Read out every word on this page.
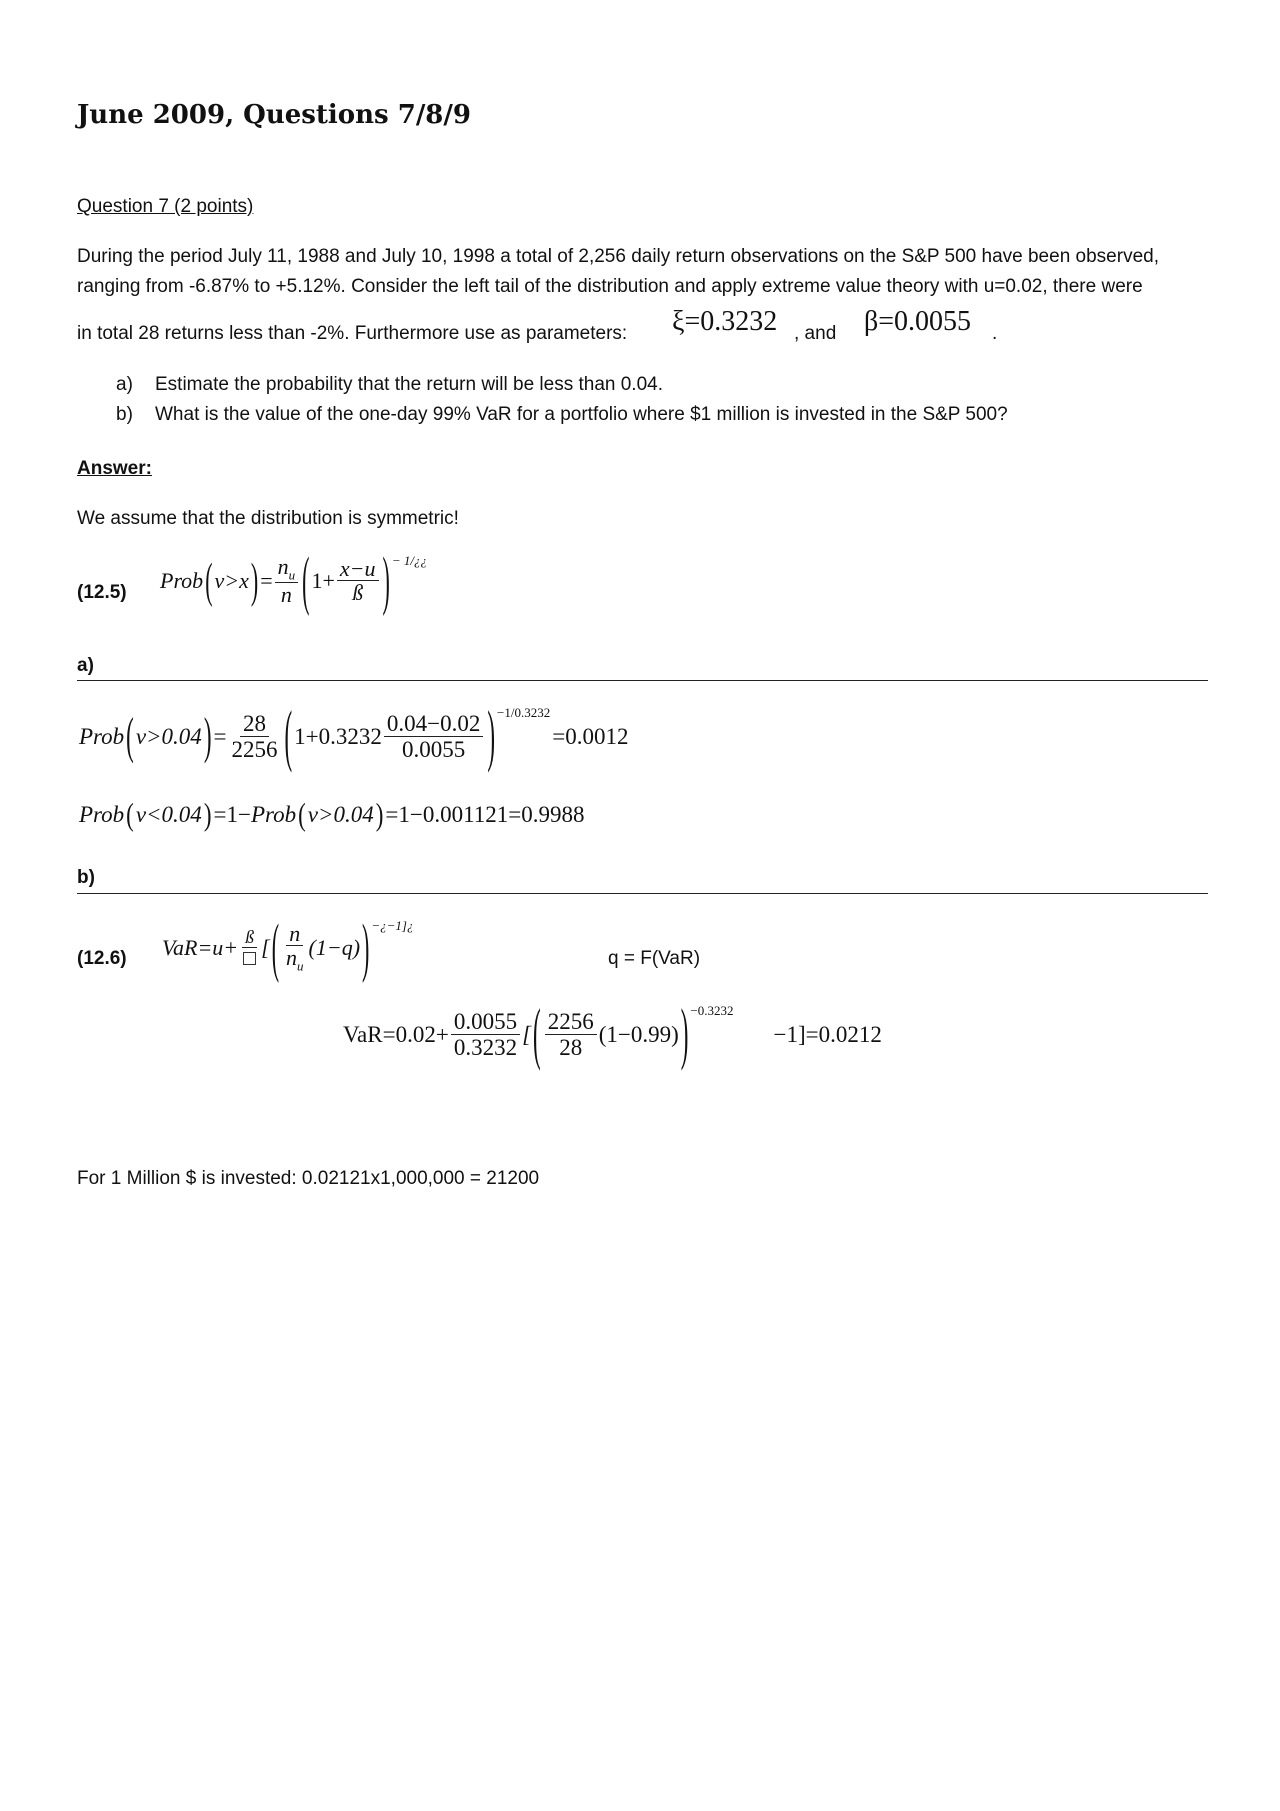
June 2009, Questions 7/8/9
Question 7 (2 points)
During the period July 11, 1988 and July 10, 1998 a total of 2,256 daily return observations on the S&P 500 have been observed,
ranging from -6.87% to +5.12%. Consider the left tail of the distribution and apply extreme value theory with u=0.02, there were
in total 28 returns less than -2%. Furthermore use as parameters: ξ=0.3232 , and β=0.0055 .
a) Estimate the probability that the return will be less than 0.04.
b) What is the value of the one-day 99% VaR for a portfolio where $1 million is invested in the S&P 500?
Answer:
We assume that the distribution is symmetric!
(12.5) Prob ( v>x ) = $\frac{n_u}{n}$ ( $1+ \frac{x-u}{ß}$ ) − 1/¿¿
a)
Prob ( v>0.04 ) = $\frac{28}{2256}$ ( $1+0.3232 \frac{0.04-0.02}{0.0055}$ ) −1/0.3232
=0.0012
Prob ( v<0.04 ) =1− Prob ( v>0.04 ) =1−0.001121=0.9988
b)
(12.6) VaR=u+ ß [ ( $\frac{n}{n_u} (1-q)$ ) −¿−1]¿
q = F(VaR)
$VaR=0.02+ \frac{0.0055}{0.3232}$ [ ( $\frac{2256}{28} (1-0.99)$ ) −0.3232
−1]=0.0212
For 1 Million $ is invested: 0.02121x1,000,000 = 21200
